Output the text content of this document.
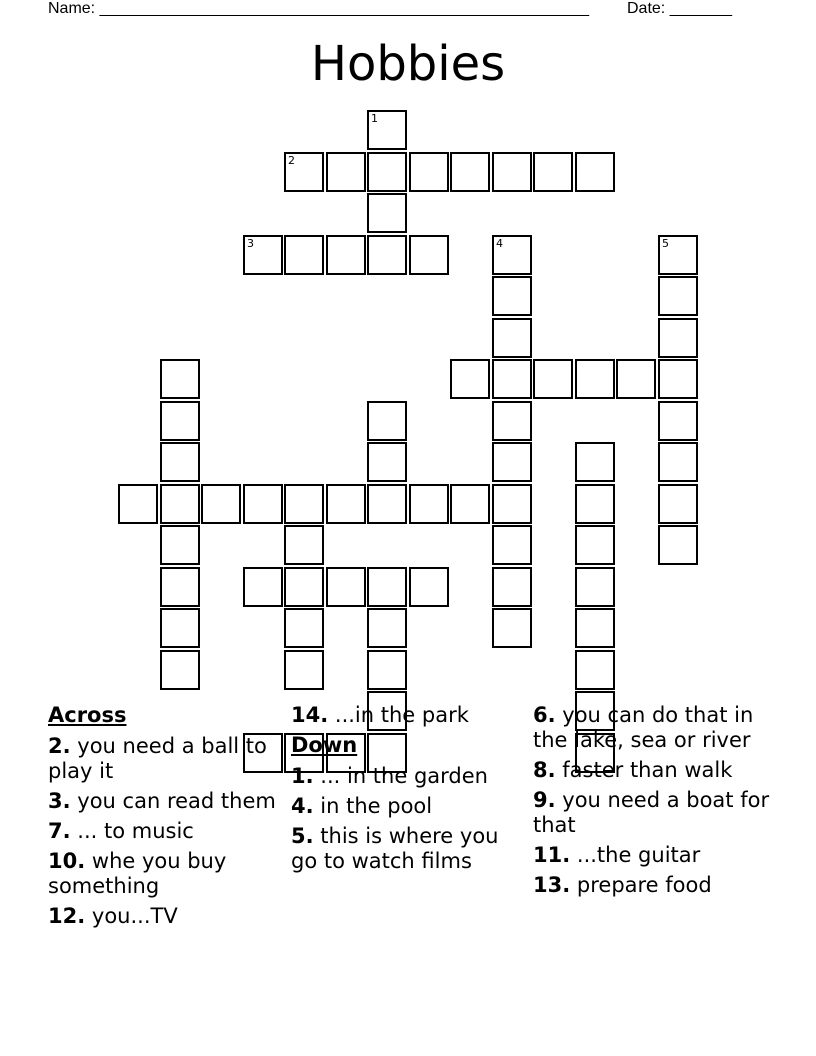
Name: _______________________________________________________ Date: _______
Hobbies
2
1
3	4	5
Across
2. you need a ball to play it
3. you can read them
7. ... to music
10. whe you buy something
12. you...TV
14. ...in the park
Down
1. ... in the garden
4. in the pool
5. this is where you go to watch films
6. you can do that in the lake, sea or river
8. faster than walk
9. you need a boat for that
11. ...the guitar
13. prepare food
